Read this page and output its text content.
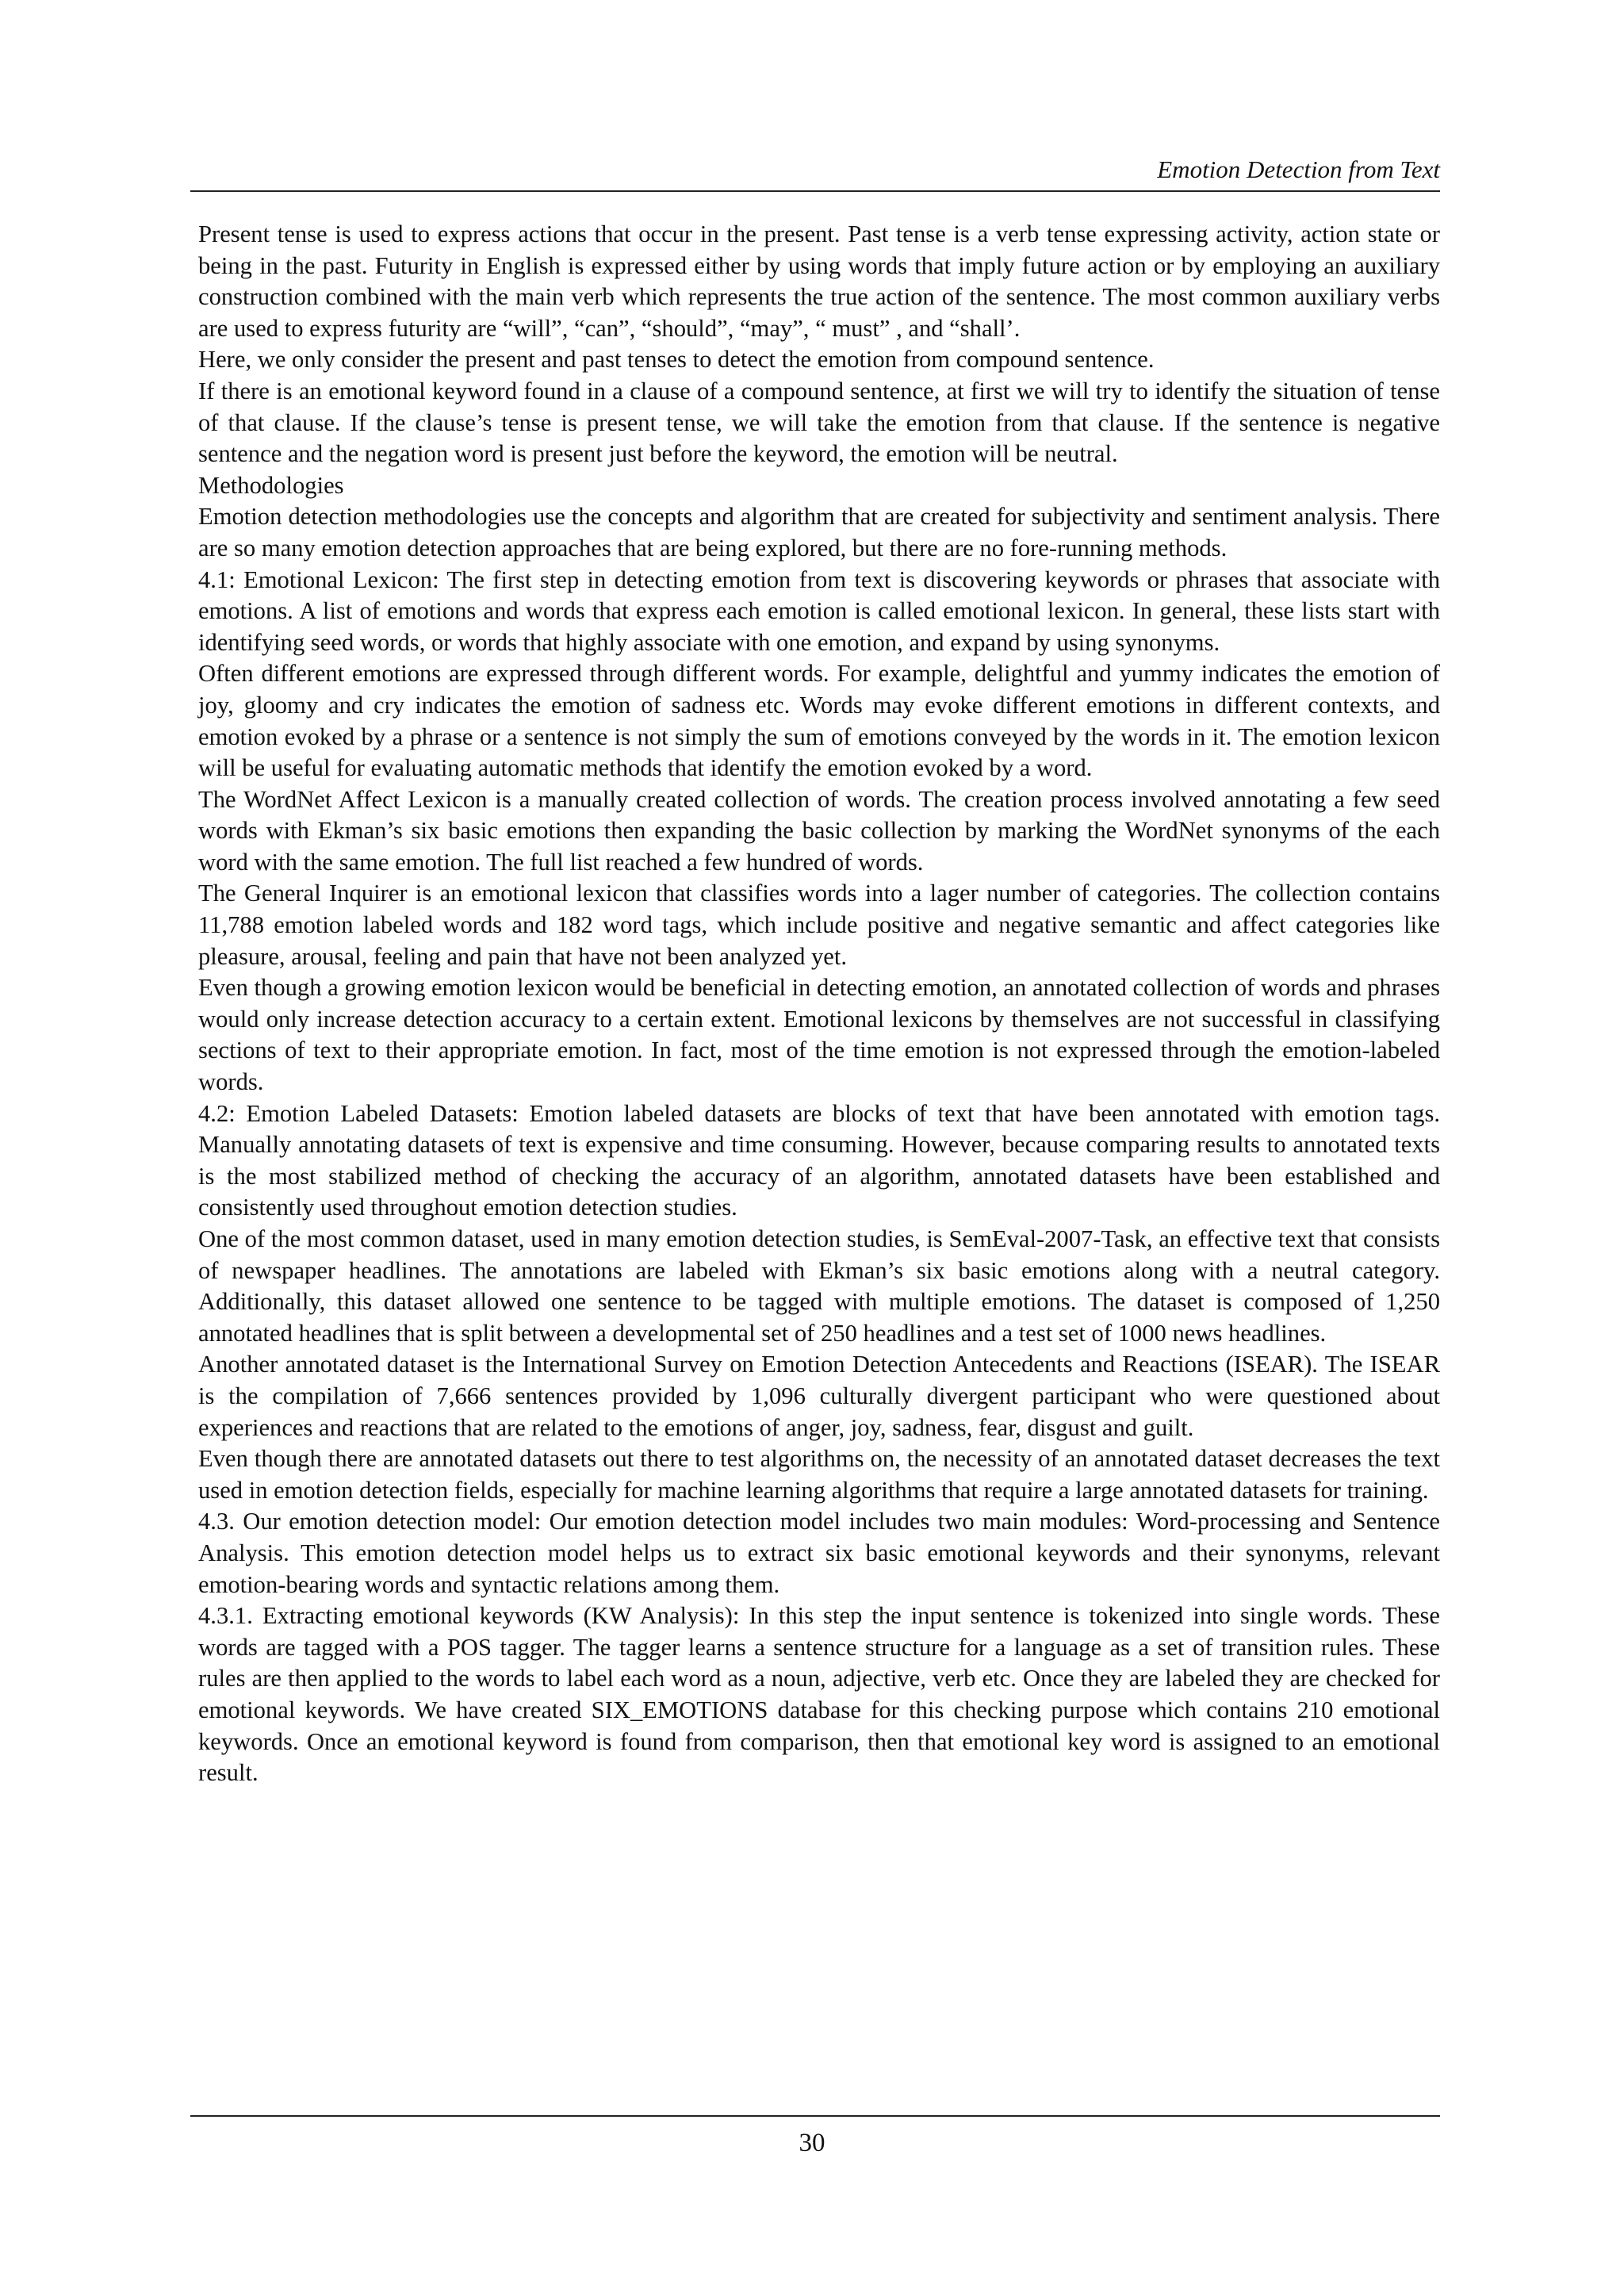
Emotion Detection from Text

Present tense is used to express actions that occur in the present. Past tense is a verb tense expressing activity, action state or being in the past. Futurity in English is expressed either by using words that imply future action or by employing an auxiliary construction combined with the main verb which represents the true action of the sentence. The most common auxiliary verbs are used to express futurity are “will”, “can”, “should”, “may”, “ must” , and “shall’.

Here, we only consider the present and past tenses to detect the emotion from compound sentence.

If there is an emotional keyword found in a clause of a compound sentence, at first we will try to identify the situation of tense of that clause. If the clause’s tense is present tense, we will take the emotion from that clause. If the sentence is negative sentence and the negation word is present just before the keyword, the emotion will be neutral.

Methodologies

Emotion detection methodologies use the concepts and algorithm that are created for subjectivity and sentiment analysis. There are so many emotion detection approaches that are being explored, but there are no fore-running methods.

4.1: Emotional Lexicon: The first step in detecting emotion from text is discovering keywords or phrases that associate with emotions. A list of emotions and words that express each emotion is called emotional lexicon. In general, these lists start with identifying seed words, or words that highly associate with one emotion, and expand by using synonyms.

Often different emotions are expressed through different words. For example, delightful and yummy indicates the emotion of joy, gloomy and cry indicates the emotion of sadness etc. Words may evoke different emotions in different contexts, and emotion evoked by a phrase or a sentence is not simply the sum of emotions conveyed by the words in it. The emotion lexicon will be useful for evaluating automatic methods that identify the emotion evoked by a word.

The WordNet Affect Lexicon is a manually created collection of words. The creation process involved annotating a few seed words with Ekman’s six basic emotions then expanding the basic collection by marking the WordNet synonyms of the each word with the same emotion. The full list reached a few hundred of words.

The General Inquirer is an emotional lexicon that classifies words into a lager number of categories. The collection contains 11,788 emotion labeled words and 182 word tags, which include positive and negative semantic and affect categories like pleasure, arousal, feeling and pain that have not been analyzed yet.

Even though a growing emotion lexicon would be beneficial in detecting emotion, an annotated collection of words and phrases would only increase detection accuracy to a certain extent. Emotional lexicons by themselves are not successful in classifying sections of text to their appropriate emotion. In fact, most of the time emotion is not expressed through the emotion-labeled words.

4.2: Emotion Labeled Datasets: Emotion labeled datasets are blocks of text that have been annotated with emotion tags. Manually annotating datasets of text is expensive and time consuming. However, because comparing results to annotated texts is the most stabilized method of checking the accuracy of an algorithm, annotated datasets have been established and consistently used throughout emotion detection studies.

One of the most common dataset, used in many emotion detection studies, is SemEval-2007-Task, an effective text that consists of newspaper headlines. The annotations are labeled with Ekman’s six basic emotions along with a neutral category. Additionally, this dataset allowed one sentence to be tagged with multiple emotions. The dataset is composed of 1,250 annotated headlines that is split between a developmental set of 250 headlines and a test set of 1000 news headlines.

Another annotated dataset is the International Survey on Emotion Detection Antecedents and Reactions (ISEAR). The ISEAR is the compilation of 7,666 sentences provided by 1,096 culturally divergent participant who were questioned about experiences and reactions that are related to the emotions of anger, joy, sadness, fear, disgust and guilt.

Even though there are annotated datasets out there to test algorithms on, the necessity of an annotated dataset decreases the text used in emotion detection fields, especially for machine learning algorithms that require a large annotated datasets for training.

4.3. Our emotion detection model: Our emotion detection model includes two main modules: Word-processing and Sentence Analysis. This emotion detection model helps us to extract six basic emotional keywords and their synonyms, relevant emotion-bearing words and syntactic relations among them.

4.3.1. Extracting emotional keywords (KW Analysis): In this step the input sentence is tokenized into single words. These words are tagged with a POS tagger. The tagger learns a sentence structure for a language as a set of transition rules. These rules are then applied to the words to label each word as a noun, adjective, verb etc. Once they are labeled they are checked for emotional keywords. We have created SIX_EMOTIONS database for this checking purpose which contains 210 emotional keywords. Once an emotional keyword is found from comparison, then that emotional key word is assigned to an emotional result.

30
